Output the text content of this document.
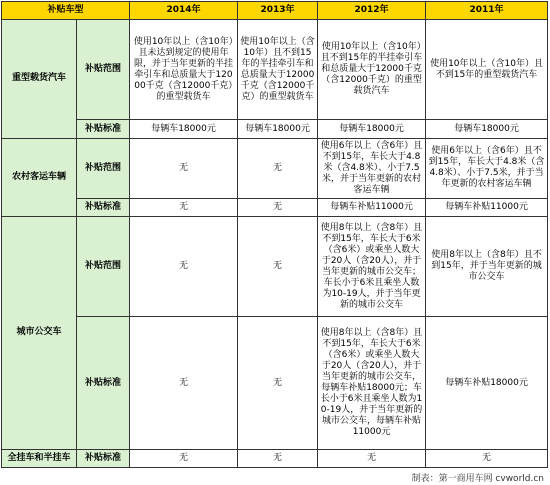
补贴车型		2014年	2013年	2012年	2011年
重型载货汽车	补贴范围	使用10年以上（含10年）且未达到规定的使用年限，并于当年更新的半挂牵引车和总质量大于12000千克（含12000千克）的重型载货车	使用10年以上（含10年）且不到15年的半挂牵引车和总质量大于12000千克（含12000千克）的重型载货车	使用10年以上（含10年）且不到15年的半挂牵引车和总质量大于12000千克（含12000千克）的重型载货汽车	使用10年以上（含10年）且不到15年的重型载货汽车
	补贴标准	每辆车18000元	每辆车18000元	每辆车18000元	每辆车18000元
农村客运车辆	补贴范围	无	无	使用6年以上（含6年）且不到15年，车长大于4.8米（含4.8米）、小于7.5米，并于当年更新的农村客运车辆	使用6年以上（含6年）且不到15年，车长大于4.8米（含4.8米）、小于7.5米，并于当年更新的农村客运车辆
	补贴标准	无	无	每辆车补贴11000元	每辆车补贴11000元
城市公交车	补贴范围	无	无	使用8年以上（含8年）且不到15年，车长大于6米（含6米）或乘坐人数大于20人（含20人），并于当年更新的城市公交车；车长小于6米且乘坐人数为10-19人，并于当年更新的城市公交车	使用8年以上（含8年）且不到15年，并于当年更新的城市公交车
	补贴标准	无	无	使用8年以上（含8年）且不到15年，车长大于6米（含6米）或乘坐人数大于20人（含20人），并于当年更新的城市公交车，每辆车补贴18000元；车长小于6米且乘坐人数为10-19人，并于当年更新的城市公交车，每辆车补贴11000元	每辆车补贴18000元
全挂车和半挂车	补贴标准	无	无	无	无
制表：第一商用车网 cvworld.cn
